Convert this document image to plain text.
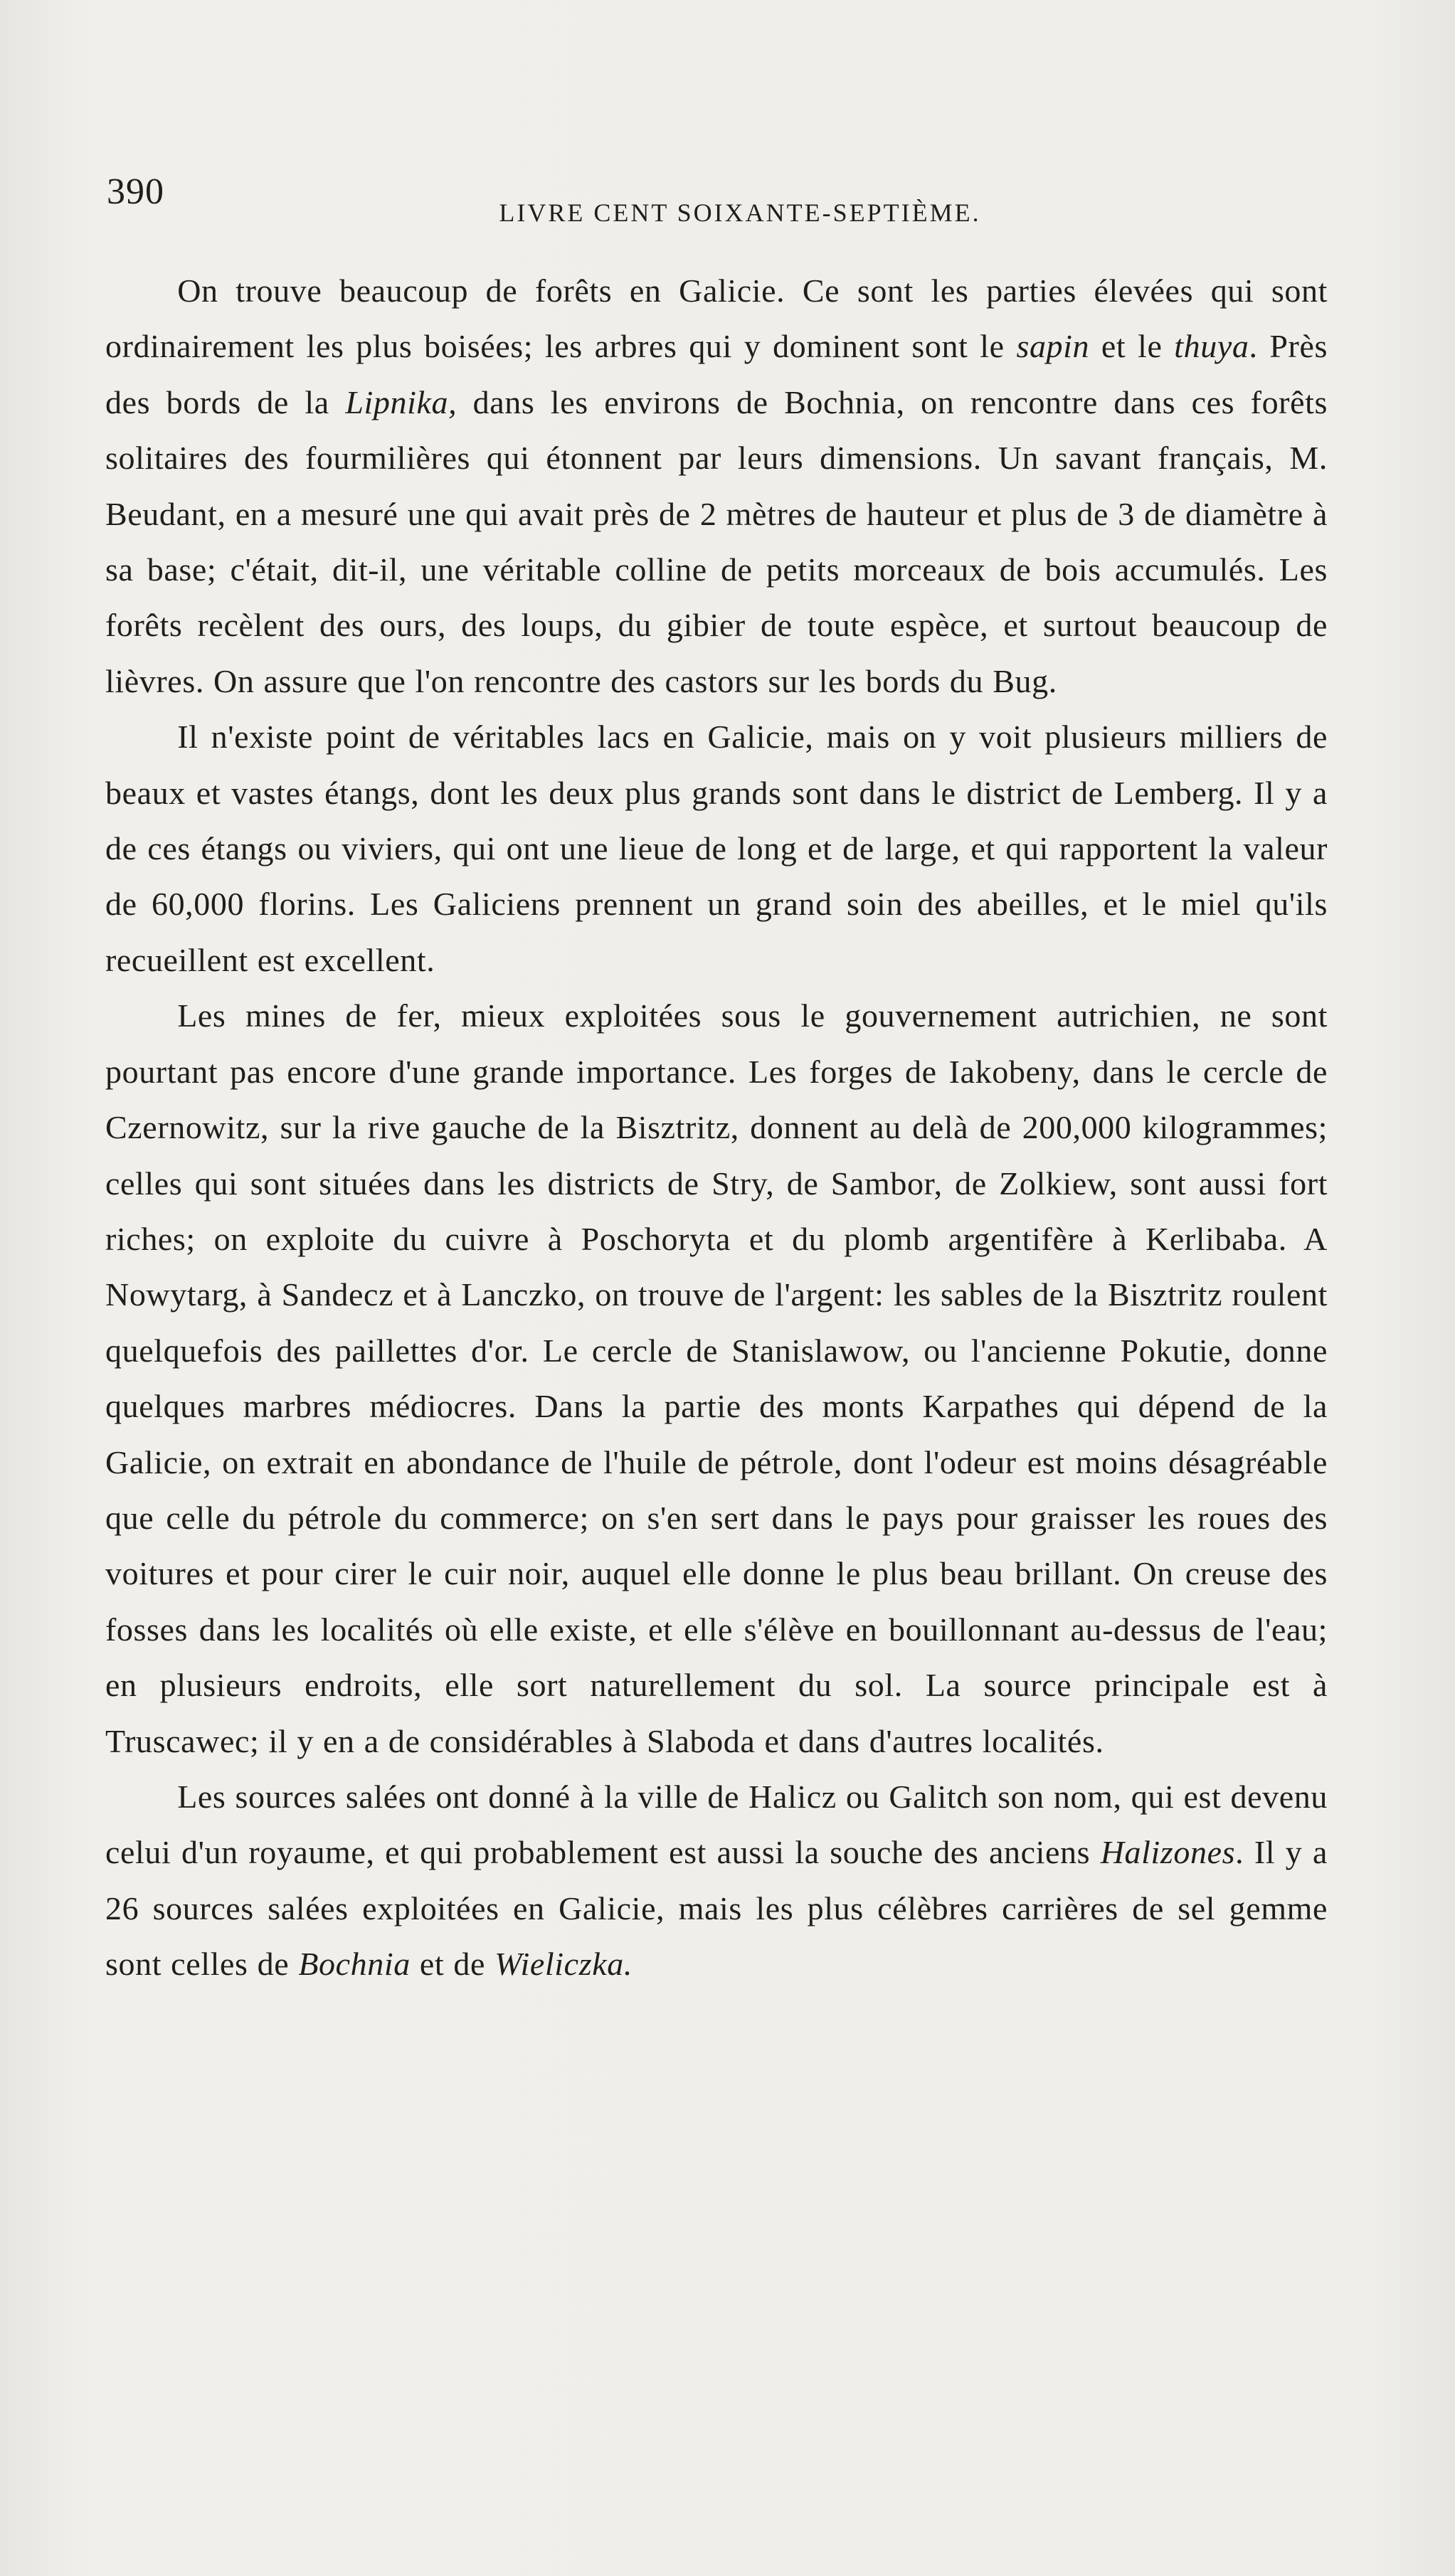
390
LIVRE CENT SOIXANTE-SEPTIÈME.

On trouve beaucoup de forêts en Galicie. Ce sont les parties élevées qui sont ordinairement les plus boisées; les arbres qui y dominent sont le sapin et le thuya. Près des bords de la Lipnika, dans les environs de Bochnia, on rencontre dans ces forêts solitaires des fourmilières qui étonnent par leurs dimensions. Un savant français, M. Beudant, en a mesuré une qui avait près de 2 mètres de hauteur et plus de 3 de diamètre à sa base; c'était, dit-il, une véritable colline de petits morceaux de bois accumulés. Les forêts recèlent des ours, des loups, du gibier de toute espèce, et surtout beaucoup de lièvres. On assure que l'on rencontre des castors sur les bords du Bug.

Il n'existe point de véritables lacs en Galicie, mais on y voit plusieurs milliers de beaux et vastes étangs, dont les deux plus grands sont dans le district de Lemberg. Il y a de ces étangs ou viviers, qui ont une lieue de long et de large, et qui rapportent la valeur de 60,000 florins. Les Galiciens prennent un grand soin des abeilles, et le miel qu'ils recueillent est excellent.

Les mines de fer, mieux exploitées sous le gouvernement autrichien, ne sont pourtant pas encore d'une grande importance. Les forges de Iakobeny, dans le cercle de Czernowitz, sur la rive gauche de la Bisztritz, donnent au delà de 200,000 kilogrammes; celles qui sont situées dans les districts de Stry, de Sambor, de Zolkiew, sont aussi fort riches; on exploite du cuivre à Poschoryta et du plomb argentifère à Kerlibaba. A Nowytarg, à Sandecz et à Lanczko, on trouve de l'argent: les sables de la Bisztritz roulent quelquefois des paillettes d'or. Le cercle de Stanislawow, ou l'ancienne Pokutie, donne quelques marbres médiocres. Dans la partie des monts Karpathes qui dépend de la Galicie, on extrait en abondance de l'huile de pétrole, dont l'odeur est moins désagréable que celle du pétrole du commerce; on s'en sert dans le pays pour graisser les roues des voitures et pour cirer le cuir noir, auquel elle donne le plus beau brillant. On creuse des fosses dans les localités où elle existe, et elle s'élève en bouillonnant au-dessus de l'eau; en plusieurs endroits, elle sort naturellement du sol. La source principale est à Truscawec; il y en a de considérables à Slaboda et dans d'autres localités.

Les sources salées ont donné à la ville de Halicz ou Galitch son nom, qui est devenu celui d'un royaume, et qui probablement est aussi la souche des anciens Halizones. Il y a 26 sources salées exploitées en Galicie, mais les plus célèbres carrières de sel gemme sont celles de Bochnia et de Wieliczka.
